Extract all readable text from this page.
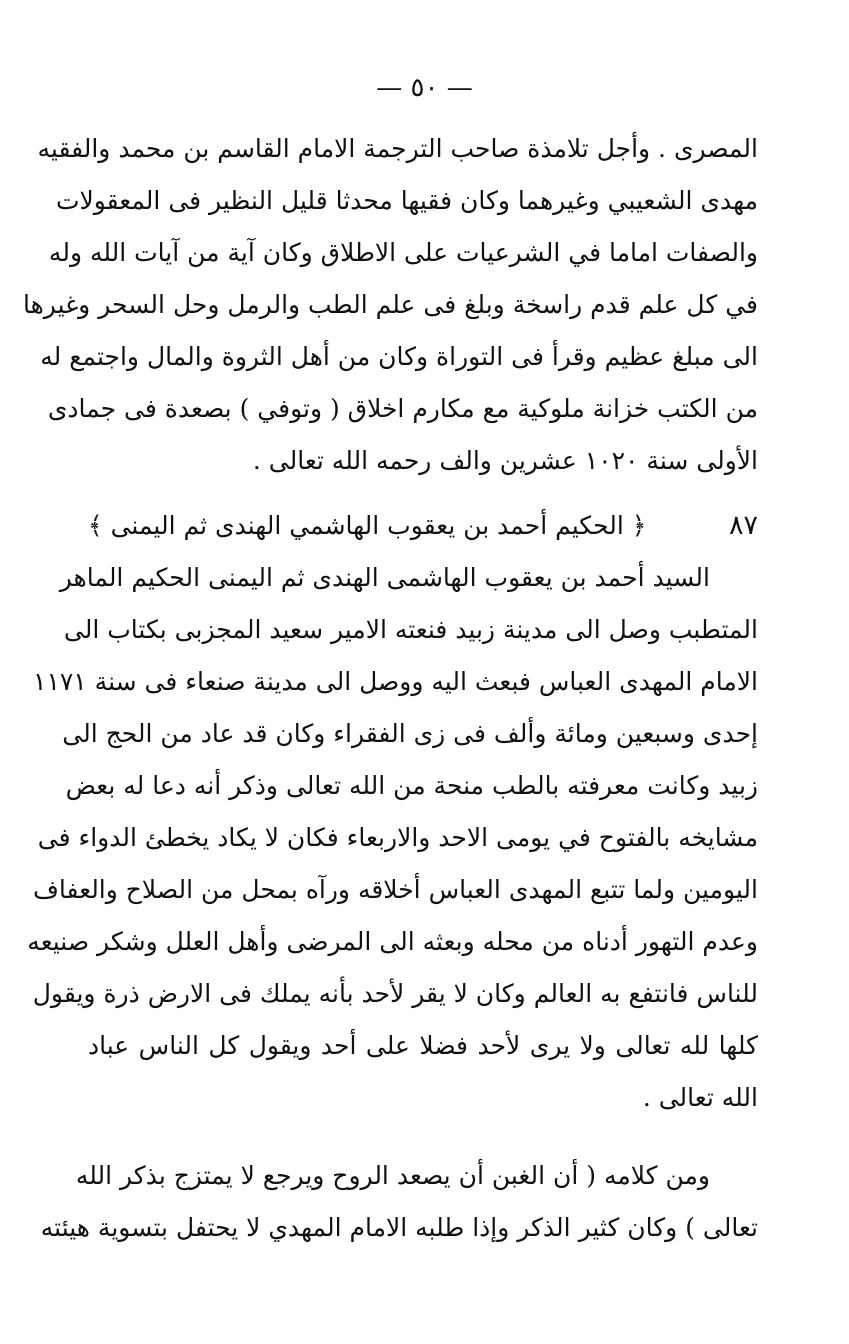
— ٥٠ —
المصرى . وأجل تلامذة صاحب الترجمة الامام القاسم بن محمد والفقيه
مهدى الشعيبي وغيرهما وكان فقيها محدثا قليل النظير فى المعقولات
والصفات اماما في الشرعيات على الاطلاق وكان آية من آيات الله وله
في كل علم قدم راسخة وبلغ فى علم الطب والرمل وحل السحر وغيرها
الى مبلغ عظيم وقرأ فى التوراة وكان من أهل الثروة والمال واجتمع له
من الكتب خزانة ملوكية مع مكارم اخلاق ( وتوفي ) بصعدة فى جمادى
الأولى سنة ١٠٢٠ عشرين والف رحمه الله تعالى .
٨٧
﴿ الحكيم أحمد بن يعقوب الهاشمي الهندى ثم اليمنى ﴾
السيد أحمد بن يعقوب الهاشمى الهندى ثم اليمنى الحكيم الماهر
المتطبب وصل الى مدينة زبيد فنعته الامير سعيد المجزبى بكتاب الى
الامام المهدى العباس فبعث اليه ووصل الى مدينة صنعاء فى سنة ١١٧١
إحدى وسبعين ومائة وألف فى زى الفقراء وكان قد عاد من الحج الى
زبيد وكانت معرفته بالطب منحة من الله تعالى وذكر أنه دعا له بعض
مشايخه بالفتوح في يومى الاحد والاربعاء فكان لا يكاد يخطئ الدواء فى
اليومين ولما تتبع المهدى العباس أخلاقه ورآه بمحل من الصلاح والعفاف
وعدم التهور أدناه من محله وبعثه الى المرضى وأهل العلل وشكر صنيعه
للناس فانتفع به العالم وكان لا يقر لأحد بأنه يملك فى الارض ذرة ويقول
كلها لله تعالى ولا يرى لأحد فضلا على أحد ويقول كل الناس عباد
الله تعالى .
ومن كلامه ( أن الغبن أن يصعد الروح ويرجع لا يمتزج بذكر الله
تعالى ) وكان كثير الذكر وإذا طلبه الامام المهدي لا يحتفل بتسوية هيئته
